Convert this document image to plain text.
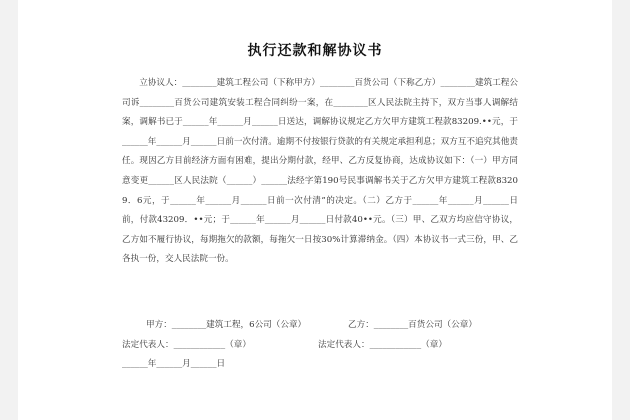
执行还款和解协议书

立协议人：________建筑工程公司（下称甲方）________百货公司（下称乙方）________建筑工程公司诉________百货公司建筑安装工程合同纠纷一案，在________区人民法院主持下，双方当事人调解结案，调解书已于______年______月______日送达，调解协议规定乙方欠甲方建筑工程款83209.••元，于______年______月______日前一次付清。逾期不付按银行贷款的有关规定承担利息；双方互不追究其他责任。现因乙方目前经济方面有困难，提出分期付款，经甲、乙方反复协商，达成协议如下：（一）甲方同意变更______区人民法院（______）______法经字第190号民事调解书关于乙方欠甲方建筑工程款83209．6元，于______年______月______日前一次付清”的决定。（二）乙方于______年______月______日前，付款43209．••元；于______年______月______日付款40••元。（三）甲、乙双方均应信守协议，乙方如不履行协议，每期拖欠的款额，每拖欠一日按30%计算滞纳金。（四）本协议书一式三份，甲、乙各执一份，交人民法院一份。

甲方：________建筑工程，6公司（公章）	乙方：________百货公司（公章）
法定代表人：____________（章）	法定代表人：____________（章）
______年______月______日
